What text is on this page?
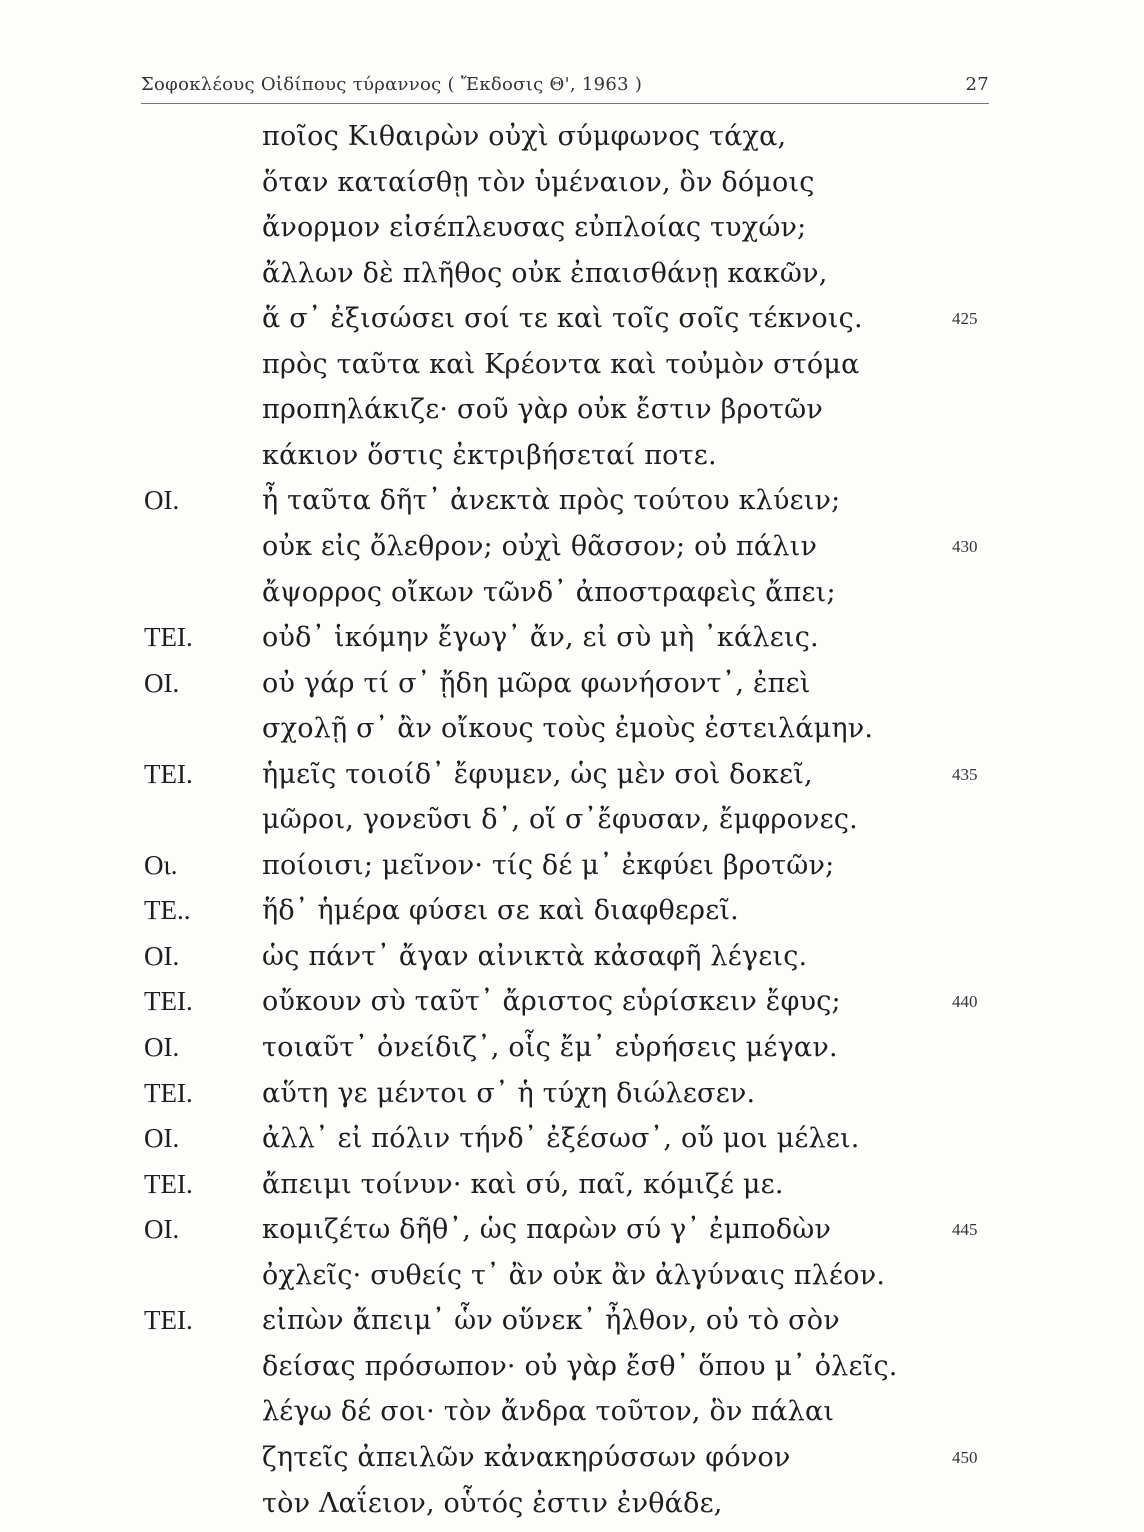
Σοφοκλέους Οἰδίπους τύραννος ( Ἔκδοσις Θ', 1963 )	27
ποῖος Κιθαιρὼν οὐχὶ σύμφωνος τάχα,
ὅταν καταίσθῃ τὸν ὑμέναιον, ὃν δόμοις
ἄνορμον εἰσέπλευσας εὐπλοίας τυχών;
ἄλλων δὲ πλῆθος οὐκ ἐπαισθάνῃ κακῶν,
ἅ σ᾽ ἐξισώσει σοί τε καὶ τοῖς σοῖς τέκνοις.	425
πρὸς ταῦτα καὶ Κρέοντα καὶ τοὐμὸν στόμα
προπηλάκιζε· σοῦ γὰρ οὐκ ἔστιν βροτῶν
κάκιον ὅστις ἐκτριβήσεταί ποτε.
ΟΙ.	ἦ ταῦτα δῆτ᾽ ἀνεκτὰ πρὸς τούτου κλύειν;
οὐκ εἰς ὄλεθρον; οὐχὶ θᾶσσον; οὐ πάλιν	430
ἄψορρος οἴκων τῶνδ᾽ ἀποστραφεὶς ἄπει;
ΤΕΙ.	οὐδ᾽ ἱκόμην ἔγωγ᾽ ἄν, εἰ σὺ μὴ ᾽κάλεις.
ΟΙ.	οὐ γάρ τί σ᾽ ᾔδη μῶρα φωνήσοντ᾽, ἐπεὶ
σχολῇ σ᾽ ἂν οἴκους τοὺς ἐμοὺς ἐστειλάμην.
ΤΕΙ.	ἡμεῖς τοιοίδ᾽ ἔφυμεν, ὡς μὲν σοὶ δοκεῖ,	435
μῶροι, γονεῦσι δ᾽, οἵ σ᾽ἔφυσαν, ἔμφρονες.
Οι.	ποίοισι; μεῖνον· τίς δέ μ᾽ ἐκφύει βροτῶν;
ΤΕ..	ἥδ᾽ ἡμέρα φύσει σε καὶ διαφθερεῖ.
ΟΙ.	ὡς πάντ᾽ ἄγαν αἰνικτὰ κἀσαφῆ λέγεις.
ΤΕΙ.	οὔκουν σὺ ταῦτ᾽ ἄριστος εὑρίσκειν ἔφυς;	440
ΟΙ.	τοιαῦτ᾽ ὀνείδιζ᾽, οἷς ἔμ᾽ εὑρήσεις μέγαν.
ΤΕΙ.	αὕτη γε μέντοι σ᾽ ἡ τύχη διώλεσεν.
ΟΙ.	ἀλλ᾽ εἰ πόλιν τήνδ᾽ ἐξέσωσ᾽, οὔ μοι μέλει.
ΤΕΙ.	ἄπειμι τοίνυν· καὶ σύ, παῖ, κόμιζέ με.
ΟΙ.	κομιζέτω δῆθ᾽, ὡς παρὼν σύ γ᾽ ἐμποδὼν	445
ὀχλεῖς· συθείς τ᾽ ἂν οὐκ ἂν ἀλγύναις πλέον.
ΤΕΙ.	εἰπὼν ἄπειμ᾽ ὧν οὕνεκ᾽ ἦλθον, οὐ τὸ σὸν
δείσας πρόσωπον· οὐ γὰρ ἔσθ᾽ ὅπου μ᾽ ὀλεῖς.
λέγω δέ σοι· τὸν ἄνδρα τοῦτον, ὃν πάλαι
ζητεῖς ἀπειλῶν κἀνακηρύσσων φόνον	450
τὸν Λαΐειον, οὗτός ἐστιν ἐνθάδε,
